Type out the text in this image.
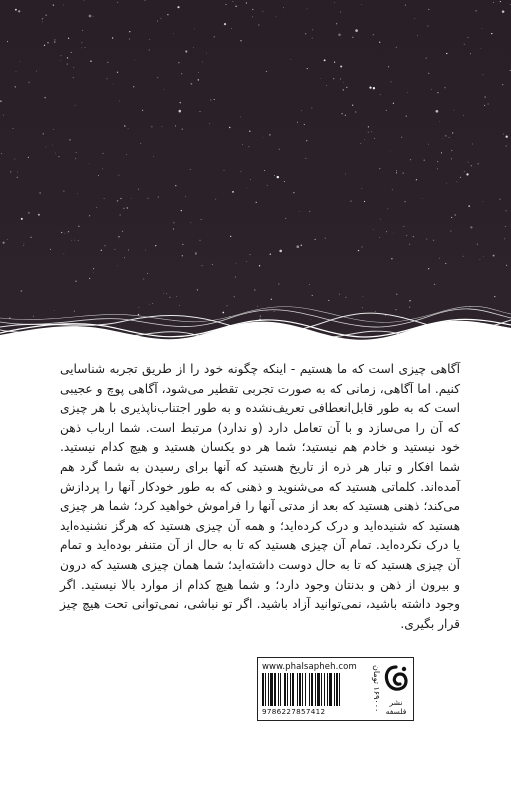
آگاهی چیزی است که ما هستیم - اینکه چگونه خود را از طریق تجربه شناسایی کنیم. اما آگاهی، زمانی که به صورت تجربی تقطیر می‌شود، آگاهی پوچ و عجیبی است که به طور قابل‌انعطافی تعریف‌نشده و به طور اجتناب‌ناپذیری با هر چیزی که آن را می‌سازد و با آن تعامل دارد (و ندارد) مرتبط است. شما ارباب ذهن خود نیستید و خادم هم نیستید؛ شما هر دو یکسان هستید و هیچ کدام نیستید. شما افکار و تبار هر ذره از تاریخ هستید که آنها برای رسیدن به شما گرد هم آمده‌اند. کلماتی هستید که می‌شنوید و ذهنی که به طور خودکار آنها را پردازش می‌کند؛ ذهنی هستید که بعد از مدتی آنها را فراموش خواهید کرد؛ شما هر چیزی هستید که شنیده‌اید و درک کرده‌اید؛ و همه آن چیزی هستید که هرگز نشنیده‌اید یا درک نکرده‌اید. تمام آن چیزی هستید که تا به حال از آن متنفر بوده‌اید و تمام آن چیزی هستید که تا به حال دوست داشته‌اید؛ شما همان چیزی هستید که درون و بیرون از ذهن و بدنتان وجود دارد؛ و شما هیچ کدام از موارد بالا نیستید. اگر وجود داشته باشید، نمی‌توانید آزاد باشید. اگر تو نباشی، نمی‌توانی تحت هیچ چیز قرار بگیری.

www.phalsapheh.com
9786227857412
۱۶۹۰۰۰ تومان	نشر فلسفه
